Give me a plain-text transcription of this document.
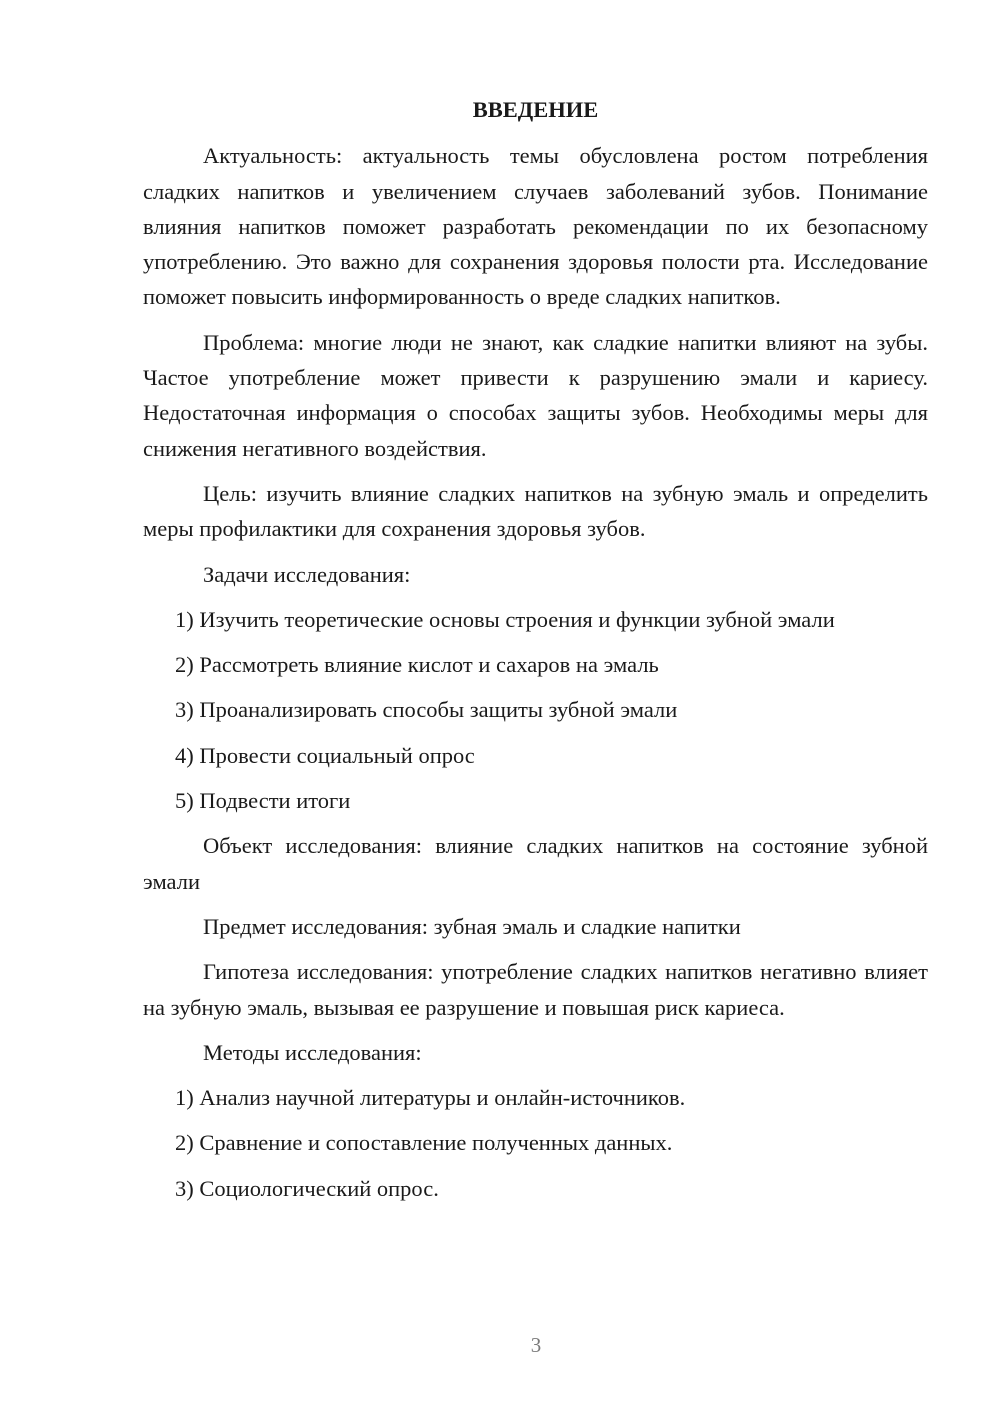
ВВЕДЕНИЕ

Актуальность: актуальность темы обусловлена ростом потребления сладких напитков и увеличением случаев заболеваний зубов. Понимание влияния напитков поможет разработать рекомендации по их безопасному употреблению. Это важно для сохранения здоровья полости рта. Исследование поможет повысить информированность о вреде сладких напитков.

Проблема: многие люди не знают, как сладкие напитки влияют на зубы. Частое употребление может привести к разрушению эмали и кариесу. Недостаточная информация о способах защиты зубов. Необходимы меры для снижения негативного воздействия.

Цель: изучить влияние сладких напитков на зубную эмаль и определить меры профилактики для сохранения здоровья зубов.

Задачи исследования:

1) Изучить теоретические основы строения и функции зубной эмали
2) Рассмотреть влияние кислот и сахаров на эмаль
3) Проанализировать способы защиты зубной эмали
4) Провести социальный опрос
5) Подвести итоги

Объект исследования: влияние сладких напитков на состояние зубной эмали

Предмет исследования: зубная эмаль и сладкие напитки

Гипотеза исследования: употребление сладких напитков негативно влияет на зубную эмаль, вызывая ее разрушение и повышая риск кариеса.

Методы исследования:

1) Анализ научной литературы и онлайн-источников.
2) Сравнение и сопоставление полученных данных.
3) Социологический опрос.
3
